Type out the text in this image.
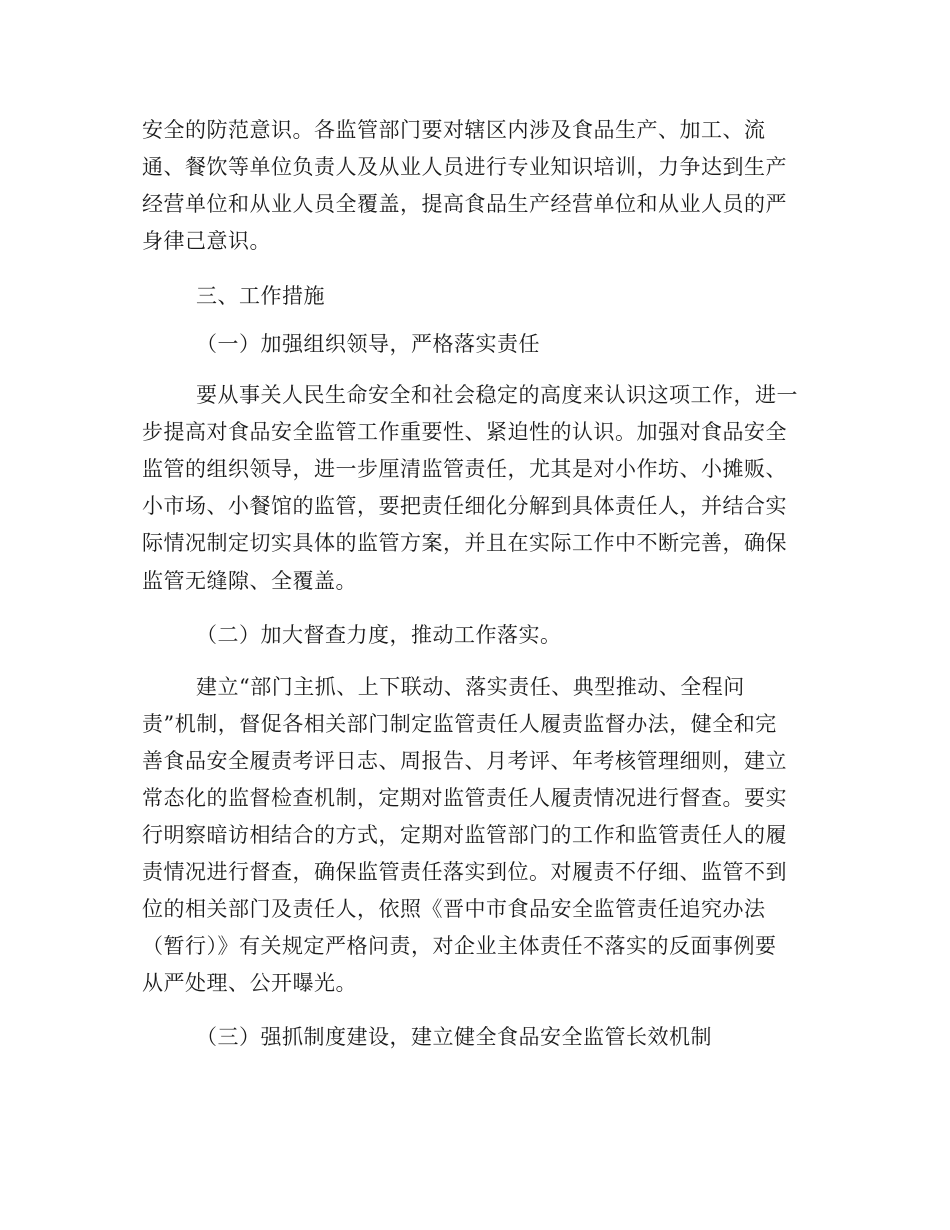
安全的防范意识。各监管部门要对辖区内涉及食品生产、加工、流
通、餐饮等单位负责人及从业人员进行专业知识培训，力争达到生产
经营单位和从业人员全覆盖，提高食品生产经营单位和从业人员的严
身律己意识。
三、工作措施
（一）加强组织领导，严格落实责任
要从事关人民生命安全和社会稳定的高度来认识这项工作，进一
步提高对食品安全监管工作重要性、紧迫性的认识。加强对食品安全
监管的组织领导，进一步厘清监管责任，尤其是对小作坊、小摊贩、
小市场、小餐馆的监管，要把责任细化分解到具体责任人，并结合实
际情况制定切实具体的监管方案，并且在实际工作中不断完善，确保
监管无缝隙、全覆盖。
（二）加大督查力度，推动工作落实。
建立“部门主抓、上下联动、落实责任、典型推动、全程问
责”机制，督促各相关部门制定监管责任人履责监督办法，健全和完
善食品安全履责考评日志、周报告、月考评、年考核管理细则，建立
常态化的监督检查机制，定期对监管责任人履责情况进行督查。要实
行明察暗访相结合的方式，定期对监管部门的工作和监管责任人的履
责情况进行督查，确保监管责任落实到位。对履责不仔细、监管不到
位的相关部门及责任人，依照《晋中市食品安全监管责任追究办法
（暂行）》有关规定严格问责，对企业主体责任不落实的反面事例要
从严处理、公开曝光。
（三）强抓制度建设，建立健全食品安全监管长效机制
